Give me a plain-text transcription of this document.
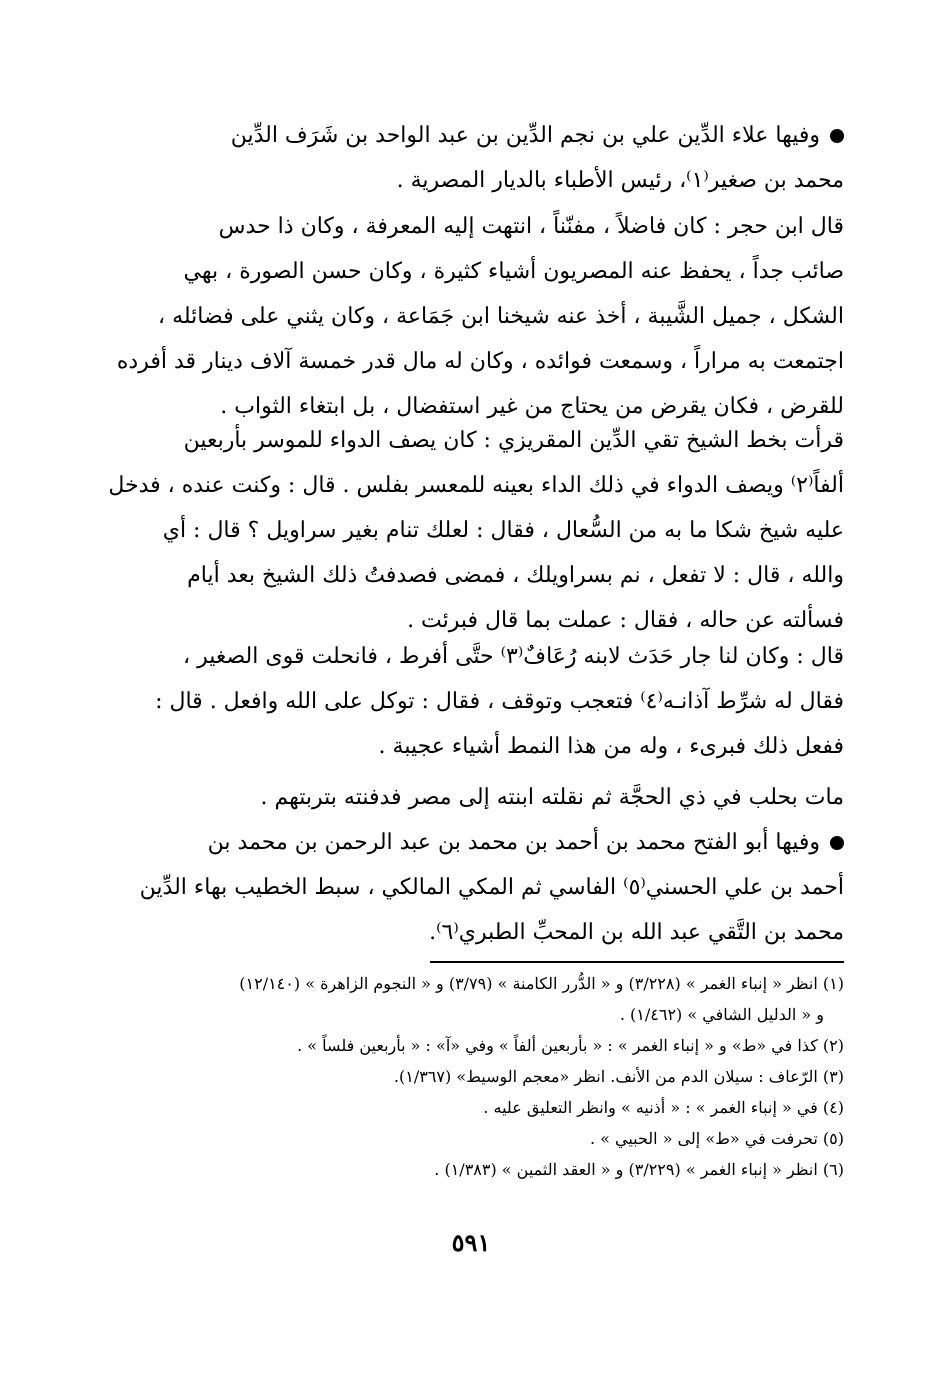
وفيها علاء الدِّين علي بن نجم الدِّين بن عبد الواحد بن شَرَف الدِّين
محمد بن صغير⁽١⁾، رئيس الأطباء بالديار المصرية .
قال ابن حجر : كان فاضلاً ، مفنّناً ، انتهت إليه المعرفة ، وكان ذا حدس
صائب جداً ، يحفظ عنه المصريون أشياء كثيرة ، وكان حسن الصورة ، بهي
الشكل ، جميل الشَّيبة ، أخذ عنه شيخنا ابن جَمَاعة ، وكان يثني على فضائله ،
اجتمعت به مراراً ، وسمعت فوائده ، وكان له مال قدر خمسة آلاف دينار قد أفرده
للقرض ، فكان يقرض من يحتاج من غير استفضال ، بل ابتغاء الثواب .
قرأت بخط الشيخ تقي الدِّين المقريزي : كان يصف الدواء للموسر بأربعين
ألفاً⁽٢⁾ ويصف الدواء في ذلك الداء بعينه للمعسر بفلس . قال : وكنت عنده ، فدخل
عليه شيخ شكا ما به من السُّعال ، فقال : لعلك تنام بغير سراويل ؟ قال : أي
والله ، قال : لا تفعل ، نم بسراويلك ، فمضى فصدفتُ ذلك الشيخ بعد أيام
فسألته عن حاله ، فقال : عملت بما قال فبرئت .
قال : وكان لنا جار حَدَث لابنه رُعَافٌ⁽٣⁾ حتَّى أفرط ، فانحلت قوى الصغير ،
فقال له شرِّط آذانـه⁽٤⁾ فتعجب وتوقف ، فقال : توكل على الله وافعل . قال :
ففعل ذلك فبرىء ، وله من هذا النمط أشياء عجيبة .
مات بحلب في ذي الحجَّة ثم نقلته ابنته إلى مصر فدفنته بتربتهم .
وفيها أبو الفتح محمد بن أحمد بن محمد بن عبد الرحمن بن محمد بن
أحمد بن علي الحسني⁽٥⁾ الفاسي ثم المكي المالكي ، سبط الخطيب بهاء الدِّين
محمد بن التَّقي عبد الله بن المحبِّ الطبري⁽٦⁾.
(١) انظر « إنباء الغمر » (٣/٢٢٨) و « الدُّرر الكامنة » (٣/٧٩) و « النجوم الزاهرة » (١٢/١٤٠)
و « الدليل الشافي » (١/٤٦٢) .
(٢) كذا في «ط» و « إنباء الغمر » : « بأربعين ألفاً » وفي «آ» : « بأربعين فلساً » .
(٣) الرّعاف : سيلان الدم من الأنف. انظر «معجم الوسيط» (١/٣٦٧).
(٤) في « إنباء الغمر » : « أذنيه » وانظر التعليق عليه .
(٥) تحرفت في «ط» إلى « الحبيي » .
(٦) انظر « إنباء الغمر » (٣/٢٢٩) و « العقد الثمين » (١/٣٨٣) .
٥٩١
